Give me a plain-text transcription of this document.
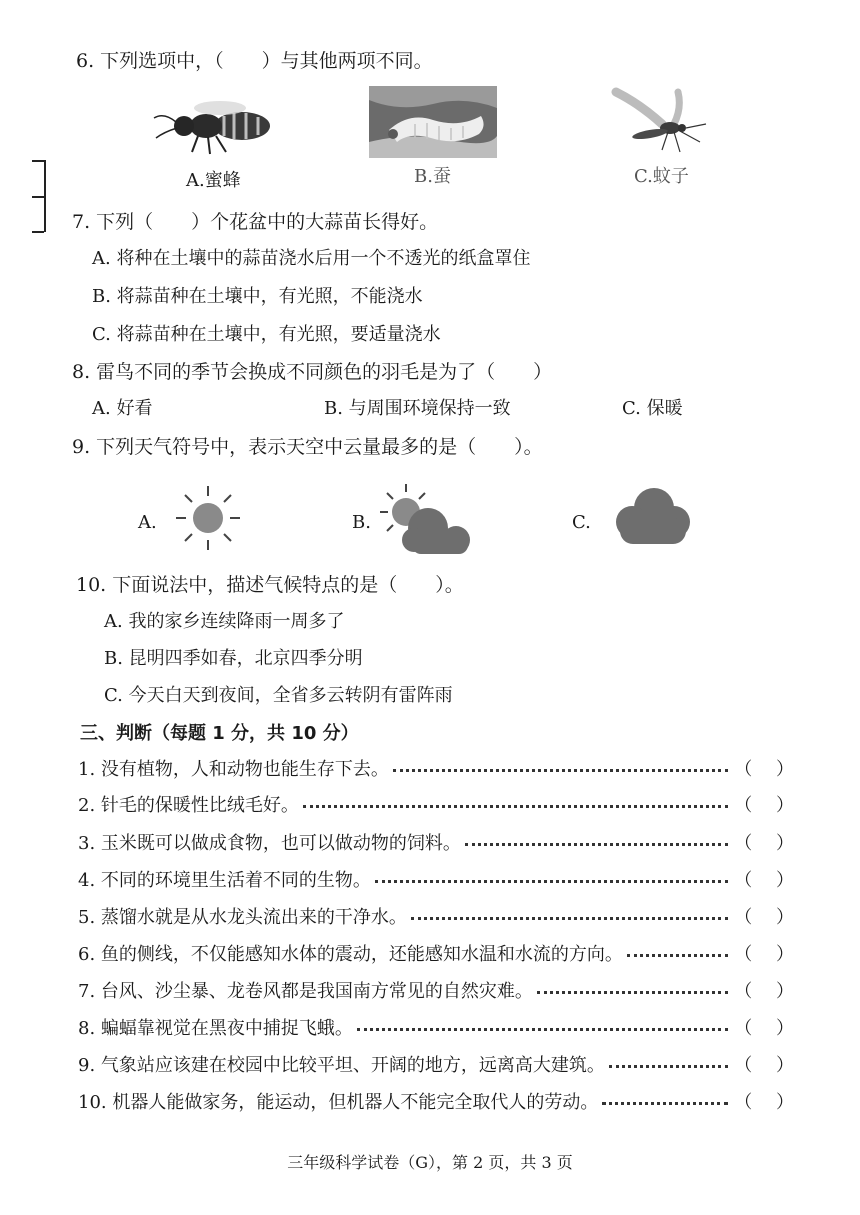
6. 下列选项中，（　　）与其他两项不同。
A.蜜蜂	B.蚕	C.蚊子
7. 下列（　　）个花盆中的大蒜苗长得好。
A. 将种在土壤中的蒜苗浇水后用一个不透光的纸盒罩住
B. 将蒜苗种在土壤中，有光照，不能浇水
C. 将蒜苗种在土壤中，有光照，要适量浇水
8. 雷鸟不同的季节会换成不同颜色的羽毛是为了（　　）
A. 好看	B. 与周围环境保持一致	C. 保暖
9. 下列天气符号中，表示天空中云量最多的是（　　）。
A.	B.	C.
10. 下面说法中，描述气候特点的是（　　）。
A. 我的家乡连续降雨一周多了
B. 昆明四季如春，北京四季分明
C. 今天白天到夜间，全省多云转阴有雷阵雨
三、判断（每题 1 分，共 10 分）
1. 没有植物，人和动物也能生存下去。	（　 ）
2. 针毛的保暖性比绒毛好。	（　 ）
3. 玉米既可以做成食物，也可以做动物的饲料。	（　 ）
4. 不同的环境里生活着不同的生物。	（　 ）
5. 蒸馏水就是从水龙头流出来的干净水。	（　 ）
6. 鱼的侧线，不仅能感知水体的震动，还能感知水温和水流的方向。	（　 ）
7. 台风、沙尘暴、龙卷风都是我国南方常见的自然灾难。	（　 ）
8. 蝙蝠靠视觉在黑夜中捕捉飞蛾。	（　 ）
9. 气象站应该建在校园中比较平坦、开阔的地方，远离高大建筑。	（　 ）
10. 机器人能做家务，能运动，但机器人不能完全取代人的劳动。	（　 ）
三年级科学试卷（G），第 2 页，共 3 页
